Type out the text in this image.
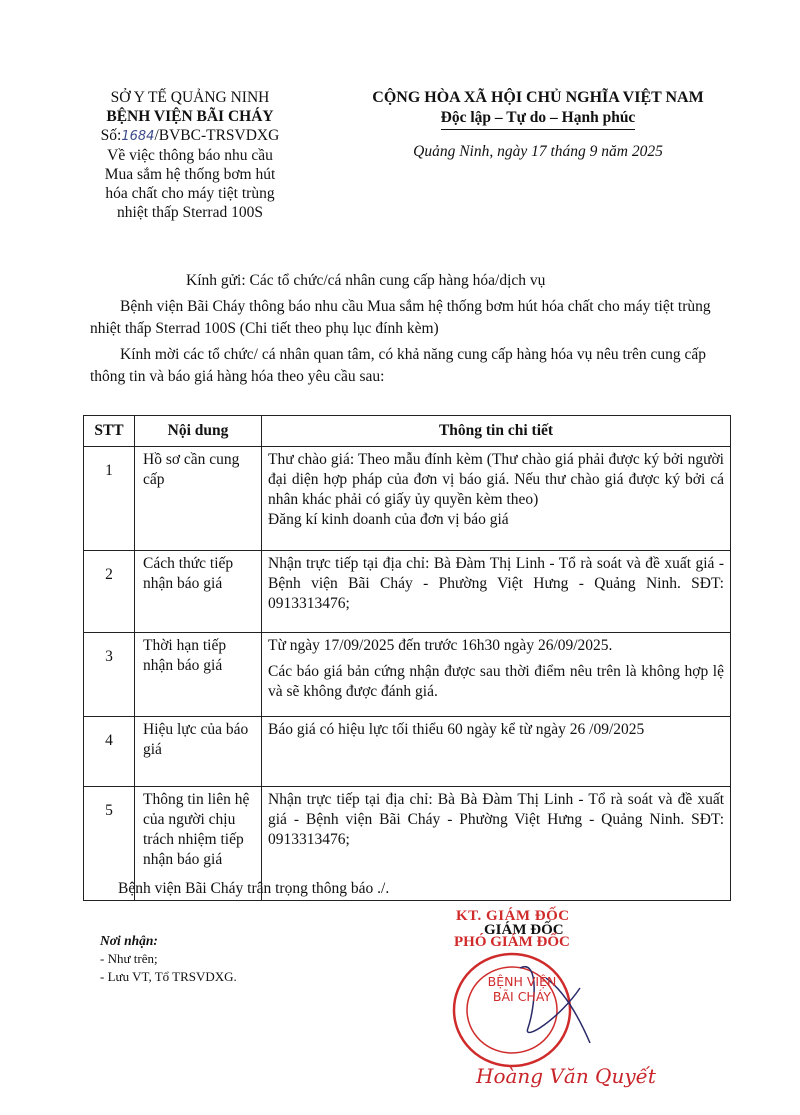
SỞ Y TẾ QUẢNG NINH
BỆNH VIỆN BÃI CHÁY
Số:1684/BVBC-TRSVDXG
Về việc thông báo nhu cầu
Mua sắm hệ thống bơm hút
hóa chất cho máy tiệt trùng
nhiệt thấp Sterrad 100S
CỘNG HÒA XÃ HỘI CHỦ NGHĨA VIỆT NAM
Độc lập – Tự do – Hạnh phúc
Quảng Ninh, ngày 17 tháng 9 năm 2025
Kính gửi: Các tổ chức/cá nhân cung cấp hàng hóa/dịch vụ
Bệnh viện Bãi Cháy thông báo nhu cầu Mua sắm hệ thống bơm hút hóa chất cho máy tiệt trùng nhiệt thấp Sterrad 100S (Chi tiết theo phụ lục đính kèm)
Kính mời các tổ chức/ cá nhân quan tâm, có khả năng cung cấp hàng hóa vụ nêu trên cung cấp thông tin và báo giá hàng hóa theo yêu cầu sau:
STT	Nội dung	Thông tin chi tiết
1	Hồ sơ cần cung cấp	

Thư chào giá: Theo mẫu đính kèm (Thư chào giá phải được ký bởi người đại diện hợp pháp của đơn vị báo giá. Nếu thư chào giá được ký bởi cá nhân khác phải có giấy ủy quyền kèm theo)

Đăng kí kinh doanh của đơn vị báo giá

2	Cách thức tiếp nhận báo giá	

Nhận trực tiếp tại địa chỉ: Bà Đàm Thị Linh - Tổ rà soát và đề xuất giá - Bệnh viện Bãi Cháy - Phường Việt Hưng - Quảng Ninh. SĐT: 0913313476;

3	Thời hạn tiếp nhận báo giá	

Từ ngày 17/09/2025 đến trước 16h30 ngày 26/09/2025.

Các báo giá bản cứng nhận được sau thời điểm nêu trên là không hợp lệ và sẽ không được đánh giá.

4	Hiệu lực của báo giá	

Báo giá có hiệu lực tối thiểu 60 ngày kể từ ngày 26 /09/2025

5	Thông tin liên hệ của người chịu trách nhiệm tiếp nhận báo giá	

Nhận trực tiếp tại địa chỉ: Bà Bà Đàm Thị Linh - Tổ rà soát và đề xuất giá - Bệnh viện Bãi Cháy - Phường Việt Hưng - Quảng Ninh. SĐT: 0913313476;

Bệnh viện Bãi Cháy trân trọng thông báo ./.
Nơi nhận:
- Như trên;
- Lưu VT, Tổ TRSVDXG.
KT. GIÁM ĐỐC
GIÁM ĐỐC
PHÓ GIÁM ĐỐC
BỆNH VIỆN
BÃI CHÁY
Hoàng Văn Quyết
